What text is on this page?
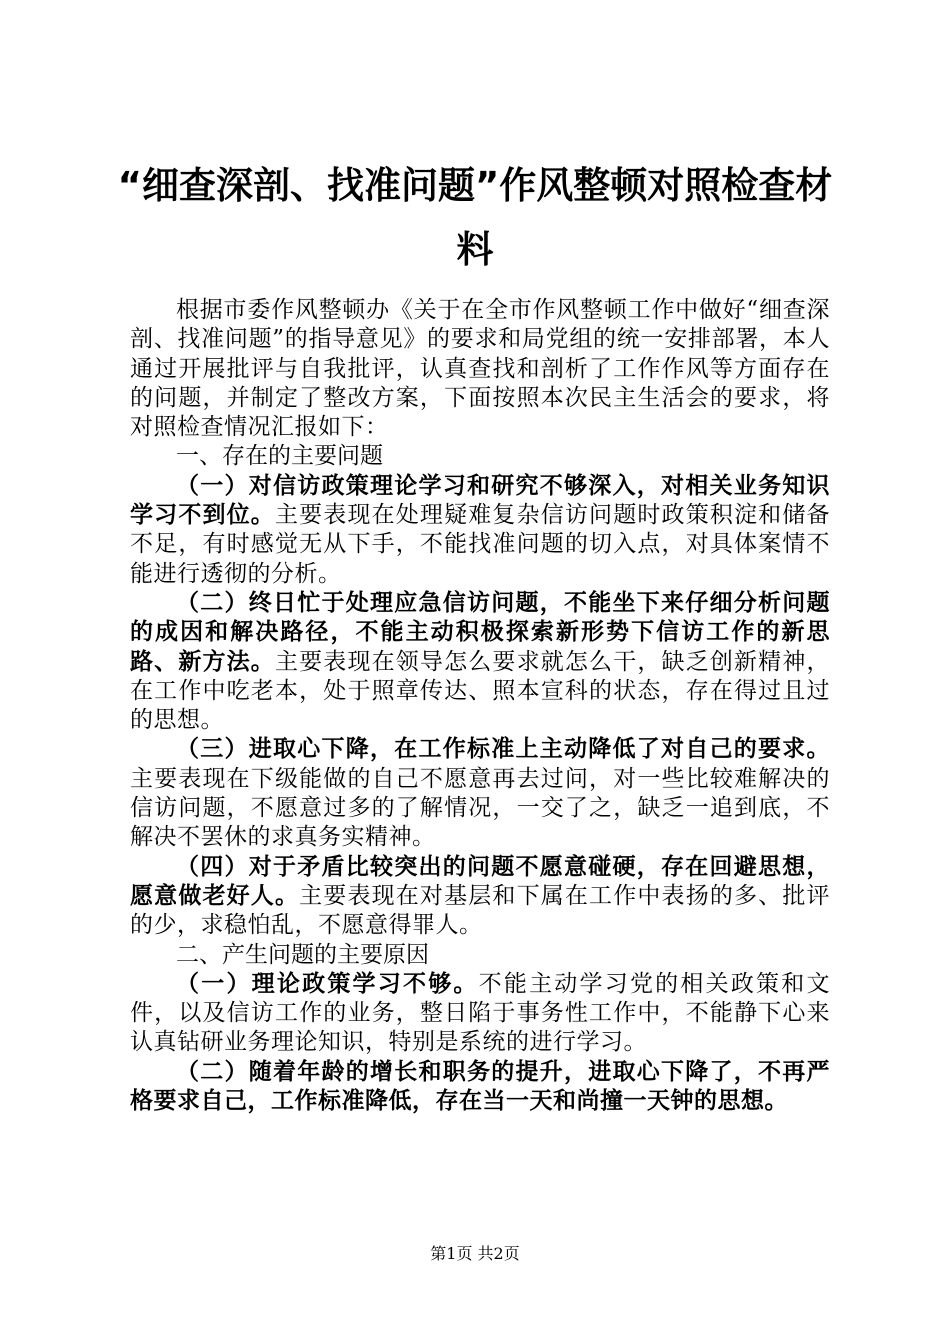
“细查深剖、找准问题”作风整顿对照检查材
料

根据市委作风整顿办《关于在全市作风整顿工作中做好“细查深剖、找准问题”的指导意见》的要求和局党组的统一安排部署，本人通过开展批评与自我批评，认真查找和剖析了工作作风等方面存在的问题，并制定了整改方案，下面按照本次民主生活会的要求，将对照检查情况汇报如下：

一、存在的主要问题

（一）对信访政策理论学习和研究不够深入，对相关业务知识学习不到位。主要表现在处理疑难复杂信访问题时政策积淀和储备不足，有时感觉无从下手，不能找准问题的切入点，对具体案情不能进行透彻的分析。

（二）终日忙于处理应急信访问题，不能坐下来仔细分析问题的成因和解决路径，不能主动积极探索新形势下信访工作的新思路、新方法。主要表现在领导怎么要求就怎么干，缺乏创新精神，在工作中吃老本，处于照章传达、照本宣科的状态，存在得过且过的思想。

（三）进取心下降，在工作标准上主动降低了对自己的要求。主要表现在下级能做的自己不愿意再去过问，对一些比较难解决的信访问题，不愿意过多的了解情况，一交了之，缺乏一追到底，不解决不罢休的求真务实精神。

（四）对于矛盾比较突出的问题不愿意碰硬，存在回避思想，愿意做老好人。主要表现在对基层和下属在工作中表扬的多、批评的少，求稳怕乱，不愿意得罪人。

二、产生问题的主要原因

（一）理论政策学习不够。不能主动学习党的相关政策和文件，以及信访工作的业务，整日陷于事务性工作中，不能静下心来认真钻研业务理论知识，特别是系统的进行学习。

（二）随着年龄的增长和职务的提升，进取心下降了，不再严格要求自己，工作标准降低，存在当一天和尚撞一天钟的思想。

第1页 共2页
